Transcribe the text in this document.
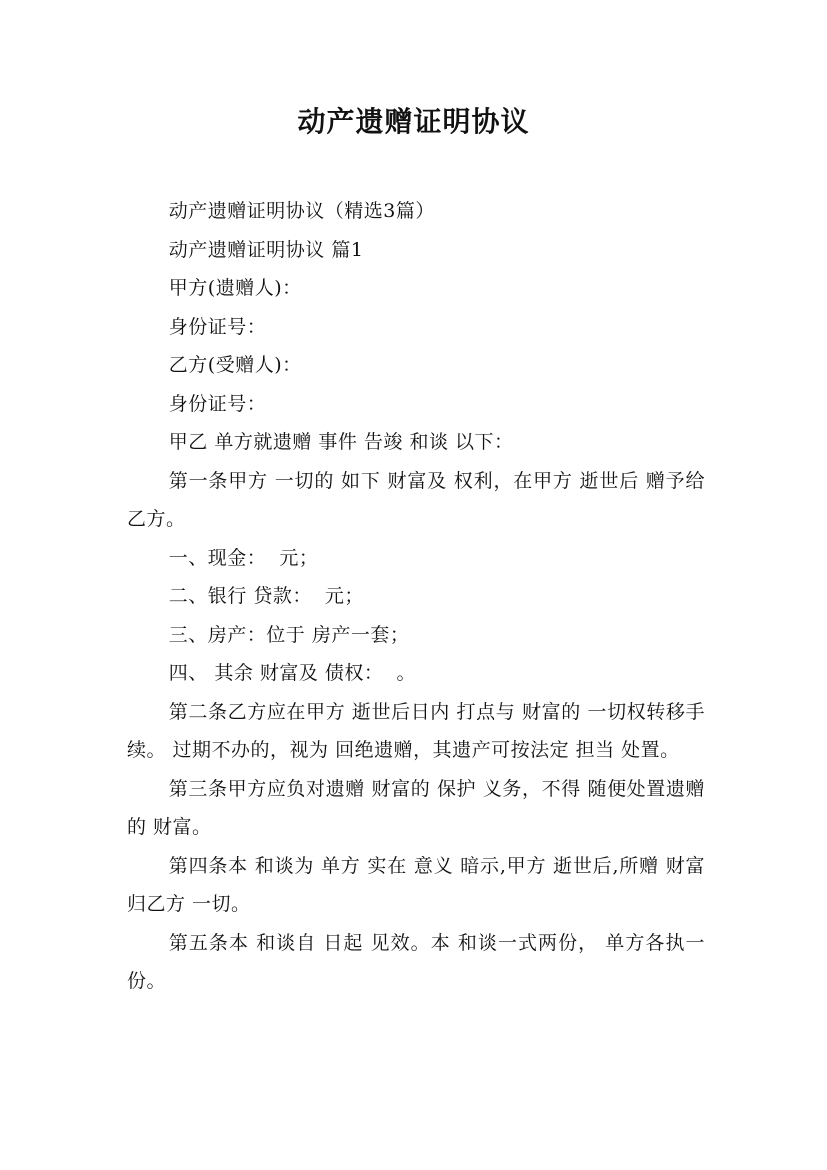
动产遗赠证明协议

动产遗赠证明协议（精选3篇）

动产遗赠证明协议 篇1

甲方(遗赠人)：

身份证号：

乙方(受赠人)：

身份证号：

甲乙 单方就遗赠 事件 告竣 和谈 以下：

第一条甲方 一切的 如下 财富及 权利，在甲方 逝世后 赠予给乙方。

一、现金：  元；

二、银行 贷款：  元；

三、房产：位于 房产一套；

四、 其余 财富及 债权：  。

第二条乙方应在甲方 逝世后日内 打点与 财富的 一切权转移手续。 过期不办的，视为 回绝遗赠，其遗产可按法定 担当 处置。

第三条甲方应负对遗赠 财富的 保护 义务，不得 随便处置遗赠的 财富。

第四条本 和谈为 单方 实在 意义 暗示,甲方 逝世后,所赠 财富归乙方 一切。

第五条本 和谈自 日起 见效。本 和谈一式两份， 单方各执一份。
